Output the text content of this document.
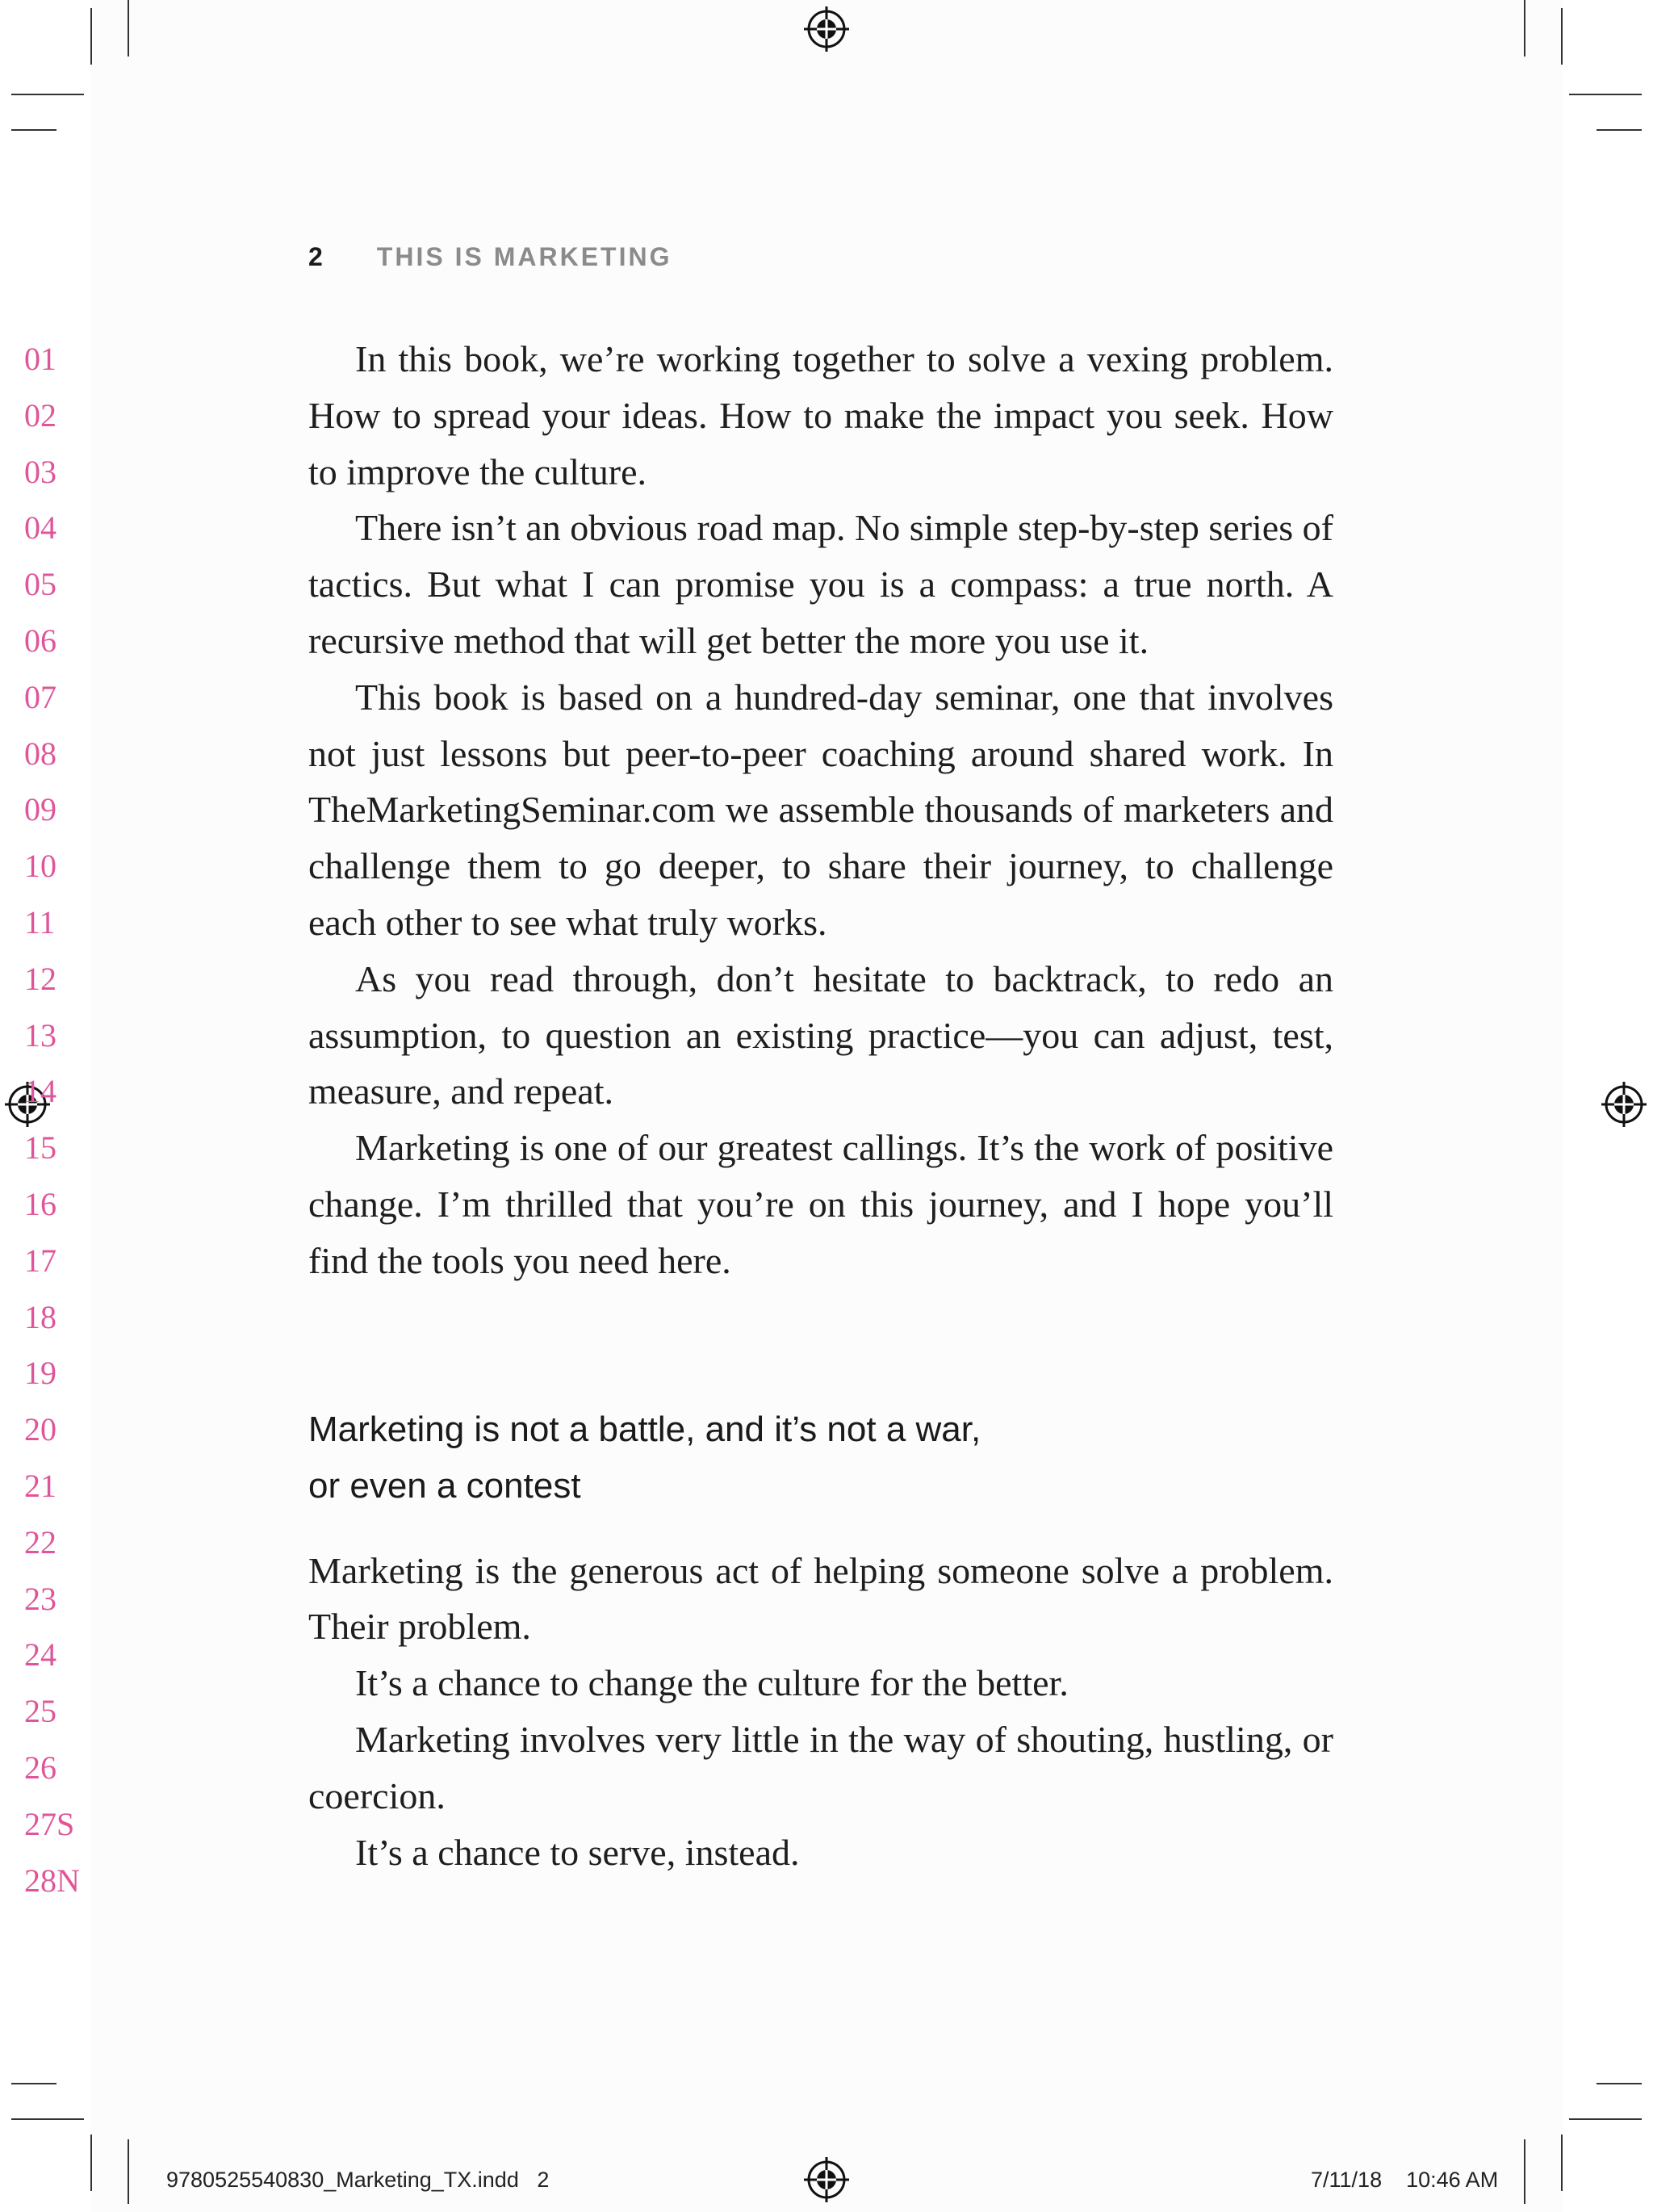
2 THIS IS MARKETING
01
02
03
04
05
06
07
08
09
10
11
12
13
14
15
16
17
18
19
20
21
22
23
24
25
26
27S
28N

In this book, we’re working together to solve a vexing problem. How to spread your ideas. How to make the impact you seek. How to improve the culture.

There isn’t an obvious road map. No simple step-by-step series of tactics. But what I can promise you is a compass: a true north. A recursive method that will get better the more you use it.

This book is based on a hundred-day seminar, one that involves not just lessons but peer-to-peer coaching around shared work. In TheMarketingSeminar.com we assemble thousands of marketers and challenge them to go deeper, to share their journey, to challenge each other to see what truly works.

As you read through, don’t hesitate to backtrack, to redo an assumption, to question an existing practice—you can adjust, test, measure, and repeat.

Marketing is one of our greatest callings. It’s the work of positive change. I’m thrilled that you’re on this journey, and I hope you’ll find the tools you need here.

Marketing is not a battle, and it’s not a war,
or even a contest

Marketing is the generous act of helping someone solve a problem. Their problem.

It’s a chance to change the culture for the better.

Marketing involves very little in the way of shouting, hustling, or coercion.

It’s a chance to serve, instead.

9780525540830_Marketing_TX.indd 2	7/11/18 10:46 AM
